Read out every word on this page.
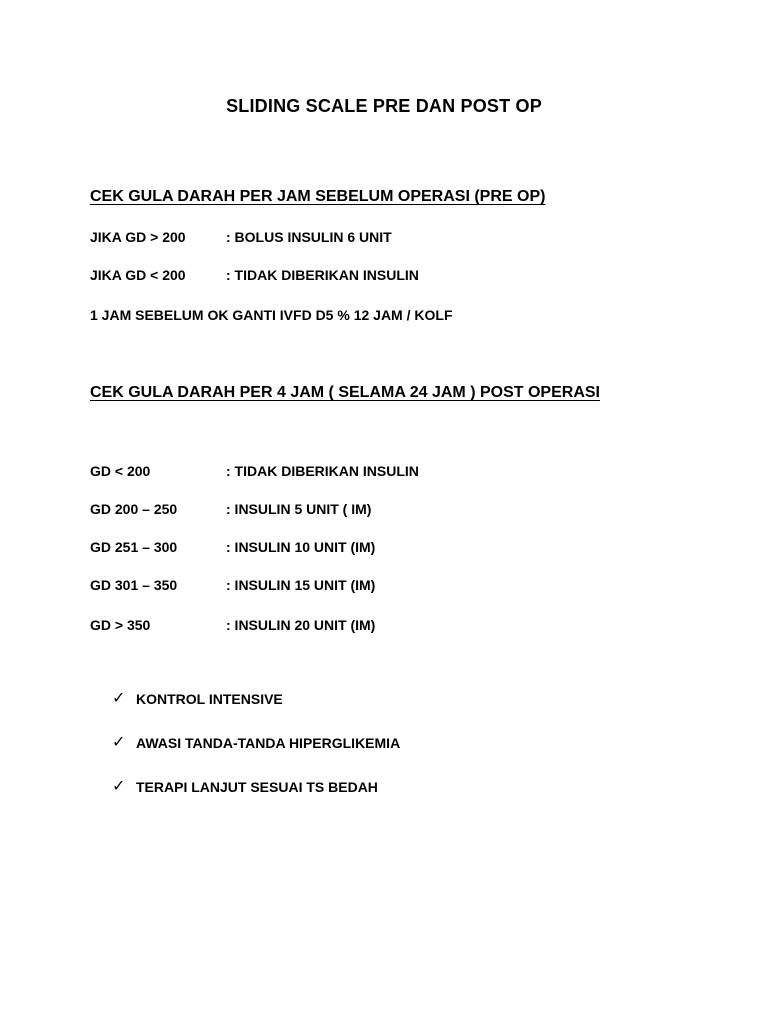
SLIDING SCALE PRE DAN POST OP
CEK GULA DARAH PER JAM SEBELUM OPERASI (PRE OP)
JIKA GD > 200	: BOLUS INSULIN 6 UNIT
JIKA GD < 200	: TIDAK DIBERIKAN INSULIN
1 JAM SEBELUM OK GANTI IVFD D5 % 12 JAM / KOLF
CEK GULA DARAH PER 4 JAM ( SELAMA 24 JAM ) POST OPERASI
GD < 200	: TIDAK DIBERIKAN INSULIN
GD 200 – 250	: INSULIN 5 UNIT ( IM)
GD 251 – 300	: INSULIN 10 UNIT (IM)
GD 301 – 350	: INSULIN 15 UNIT (IM)
GD > 350	: INSULIN 20 UNIT (IM)
✓ KONTROL INTENSIVE
✓ AWASI TANDA-TANDA HIPERGLIKEMIA
✓ TERAPI LANJUT SESUAI TS BEDAH
